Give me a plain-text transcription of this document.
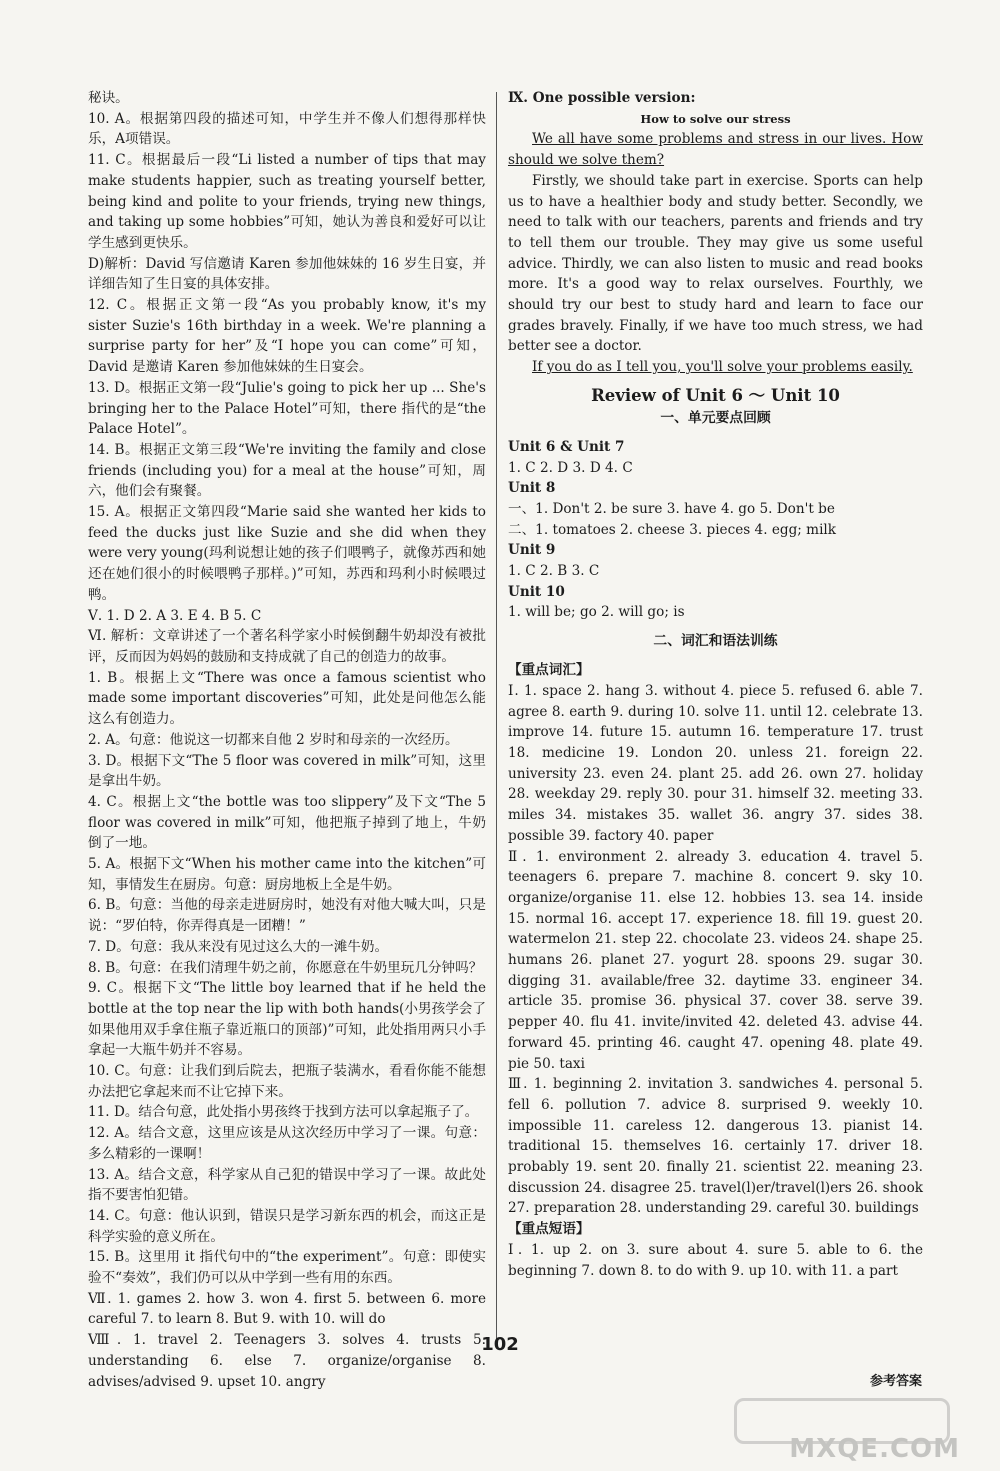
秘诀。

10. A。根据第四段的描述可知，中学生并不像人们想得那样快乐，A项错误。

11. C。根据最后一段“Li listed a number of tips that may make students happier, such as treating yourself better, being kind and polite to your friends, trying new things, and taking up some hobbies”可知，她认为善良和爱好可以让学生感到更快乐。

D)解析：David 写信邀请 Karen 参加他妹妹的 16 岁生日宴，并详细告知了生日宴的具体安排。

12. C。根据正文第一段“As you probably know, it's my sister Suzie's 16th birthday in a week. We're planning a surprise party for her”及“I hope you can come”可知，David 是邀请 Karen 参加他妹妹的生日宴会。

13. D。根据正文第一段“Julie's going to pick her up ... She's bringing her to the Palace Hotel”可知，there 指代的是“the Palace Hotel”。

14. B。根据正文第三段“We're inviting the family and close friends (including you) for a meal at the house”可知，周六，他们会有聚餐。

15. A。根据正文第四段“Marie said she wanted her kids to feed the ducks just like Suzie and she did when they were very young(玛利说想让她的孩子们喂鸭子，就像苏西和她还在她们很小的时候喂鸭子那样。)”可知，苏西和玛利小时候喂过鸭。

Ⅴ. 1. D 2. A 3. E 4. B 5. C

Ⅵ. 解析：文章讲述了一个著名科学家小时候倒翻牛奶却没有被批评，反而因为妈妈的鼓励和支持成就了自己的创造力的故事。

1. B。根据上文“There was once a famous scientist who made some important discoveries”可知，此处是问他怎么能这么有创造力。

2. A。句意：他说这一切都来自他 2 岁时和母亲的一次经历。

3. D。根据下文“The 5 floor was covered in milk”可知，这里是拿出牛奶。

4. C。根据上文“the bottle was too slippery”及下文“The 5 floor was covered in milk”可知，他把瓶子掉到了地上，牛奶倒了一地。

5. A。根据下文“When his mother came into the kitchen”可知，事情发生在厨房。句意：厨房地板上全是牛奶。

6. B。句意：当他的母亲走进厨房时，她没有对他大喊大叫，只是说：“罗伯特，你弄得真是一团糟！”

7. D。句意：我从来没有见过这么大的一滩牛奶。

8. B。句意：在我们清理牛奶之前，你愿意在牛奶里玩几分钟吗？

9. C。根据下文“The little boy learned that if he held the bottle at the top near the lip with both hands(小男孩学会了如果他用双手拿住瓶子靠近瓶口的顶部)”可知，此处指用两只小手拿起一大瓶牛奶并不容易。

10. C。句意：让我们到后院去，把瓶子装满水，看看你能不能想办法把它拿起来而不让它掉下来。

11. D。结合句意，此处指小男孩终于找到方法可以拿起瓶子了。

12. A。结合文意，这里应该是从这次经历中学习了一课。句意：多么精彩的一课啊！

13. A。结合文意，科学家从自己犯的错误中学习了一课。故此处指不要害怕犯错。

14. C。句意：他认识到，错误只是学习新东西的机会，而这正是科学实验的意义所在。

15. B。这里用 it 指代句中的“the experiment”。句意：即使实验不“奏效”，我们仍可以从中学到一些有用的东西。

Ⅶ. 1. games 2. how 3. won 4. first 5. between 6. more careful 7. to learn 8. But 9. with 10. will do

Ⅷ. 1. travel 2. Teenagers 3. solves 4. trusts 5. understanding 6. else 7. organize/organise 8. advises/advised 9. upset 10. angry

Ⅸ. One possible version:

How to solve our stress

We all have some problems and stress in our lives. How should we solve them?

Firstly, we should take part in exercise. Sports can help us to have a healthier body and study better. Secondly, we need to talk with our teachers, parents and friends and try to tell them our trouble. They may give us some useful advice. Thirdly, we can also listen to music and read books more. It's a good way to relax ourselves. Fourthly, we should try our best to study hard and learn to face our grades bravely. Finally, if we have too much stress, we had better see a doctor.

If you do as I tell you, you'll solve your problems easily.

Review of Unit 6 ～ Unit 10

一、单元要点回顾

Unit 6 & Unit 7

1. C 2. D 3. D 4. C

Unit 8

一、1. Don't 2. be sure 3. have 4. go 5. Don't be

二、1. tomatoes 2. cheese 3. pieces 4. egg; milk

Unit 9

1. C 2. B 3. C

Unit 10

1. will be; go 2. will go; is

二、词汇和语法训练

【重点词汇】

Ⅰ. 1. space 2. hang 3. without 4. piece 5. refused 6. able 7. agree 8. earth 9. during 10. solve 11. until 12. celebrate 13. improve 14. future 15. autumn 16. temperature 17. trust 18. medicine 19. London 20. unless 21. foreign 22. university 23. even 24. plant 25. add 26. own 27. holiday 28. weekday 29. reply 30. pour 31. himself 32. meeting 33. miles 34. mistakes 35. wallet 36. angry 37. sides 38. possible 39. factory 40. paper

Ⅱ. 1. environment 2. already 3. education 4. travel 5. teenagers 6. prepare 7. machine 8. concert 9. sky 10. organize/organise 11. else 12. hobbies 13. sea 14. inside 15. normal 16. accept 17. experience 18. fill 19. guest 20. watermelon 21. step 22. chocolate 23. videos 24. shape 25. humans 26. planet 27. yogurt 28. spoons 29. sugar 30. digging 31. available/free 32. daytime 33. engineer 34. article 35. promise 36. physical 37. cover 38. serve 39. pepper 40. flu 41. invite/invited 42. deleted 43. advise 44. forward 45. printing 46. caught 47. opening 48. plate 49. pie 50. taxi

Ⅲ. 1. beginning 2. invitation 3. sandwiches 4. personal 5. fell 6. pollution 7. advice 8. surprised 9. weekly 10. impossible 11. careless 12. dangerous 13. pianist 14. traditional 15. themselves 16. certainly 17. driver 18. probably 19. sent 20. finally 21. scientist 22. meaning 23. discussion 24. disagree 25. travel(l)er/travel(l)ers 26. shook 27. preparation 28. understanding 29. careful 30. buildings

【重点短语】

Ⅰ. 1. up 2. on 3. sure about 4. sure 5. able to 6. the beginning 7. down 8. to do with 9. up 10. with 11. a part

102
参考答案
MXQE.COM
